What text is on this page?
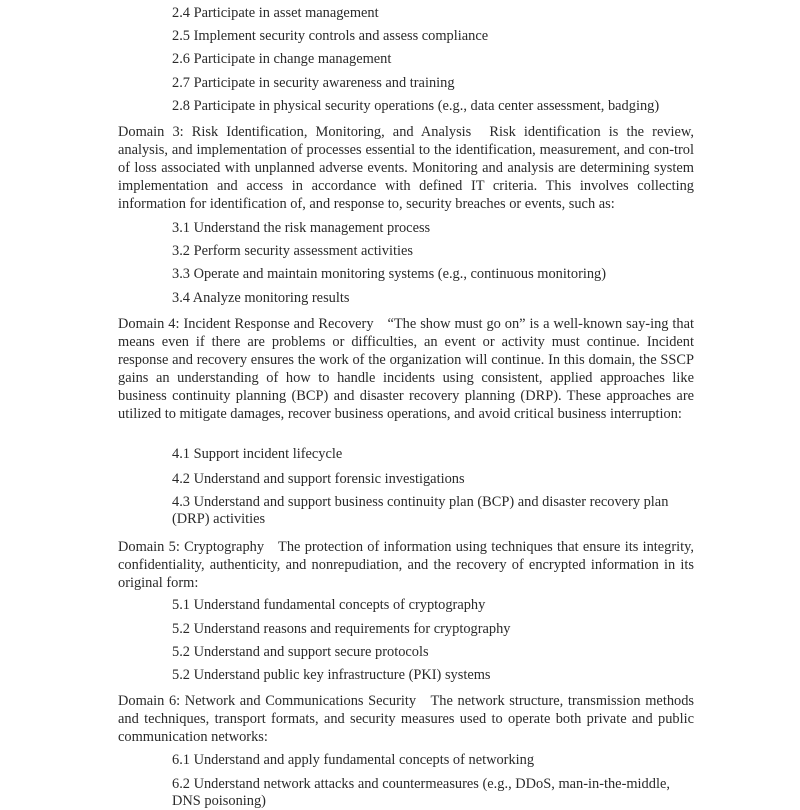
2.4 Participate in asset management
2.5 Implement security controls and assess compliance
2.6 Participate in change management
2.7 Participate in security awareness and training
2.8 Participate in physical security operations (e.g., data center assessment, badging)
Domain 3: Risk Identification, Monitoring, and Analysis Risk identification is the review, analysis, and implementation of processes essential to the identification, measurement, and con-trol of loss associated with unplanned adverse events. Monitoring and analysis are determining system implementation and access in accordance with defined IT criteria. This involves collecting information for identification of, and response to, security breaches or events, such as:
3.1 Understand the risk management process
3.2 Perform security assessment activities
3.3 Operate and maintain monitoring systems (e.g., continuous monitoring)
3.4 Analyze monitoring results
Domain 4: Incident Response and Recovery “The show must go on” is a well-known say-ing that means even if there are problems or difficulties, an event or activity must continue. Incident response and recovery ensures the work of the organization will continue. In this domain, the SSCP gains an understanding of how to handle incidents using consistent, applied approaches like business continuity planning (BCP) and disaster recovery planning (DRP). These approaches are utilized to mitigate damages, recover business operations, and avoid critical business interruption:
4.1 Support incident lifecycle
4.2 Understand and support forensic investigations
4.3 Understand and support business continuity plan (BCP) and disaster recovery plan (DRP) activities
Domain 5: Cryptography The protection of information using techniques that ensure its integrity, confidentiality, authenticity, and nonrepudiation, and the recovery of encrypted information in its original form:
5.1 Understand fundamental concepts of cryptography
5.2 Understand reasons and requirements for cryptography
5.2 Understand and support secure protocols
5.2 Understand public key infrastructure (PKI) systems
Domain 6: Network and Communications Security The network structure, transmission methods and techniques, transport formats, and security measures used to operate both private and public communication networks:
6.1 Understand and apply fundamental concepts of networking
6.2 Understand network attacks and countermeasures (e.g., DDoS, man-in-the-middle, DNS poisoning)
